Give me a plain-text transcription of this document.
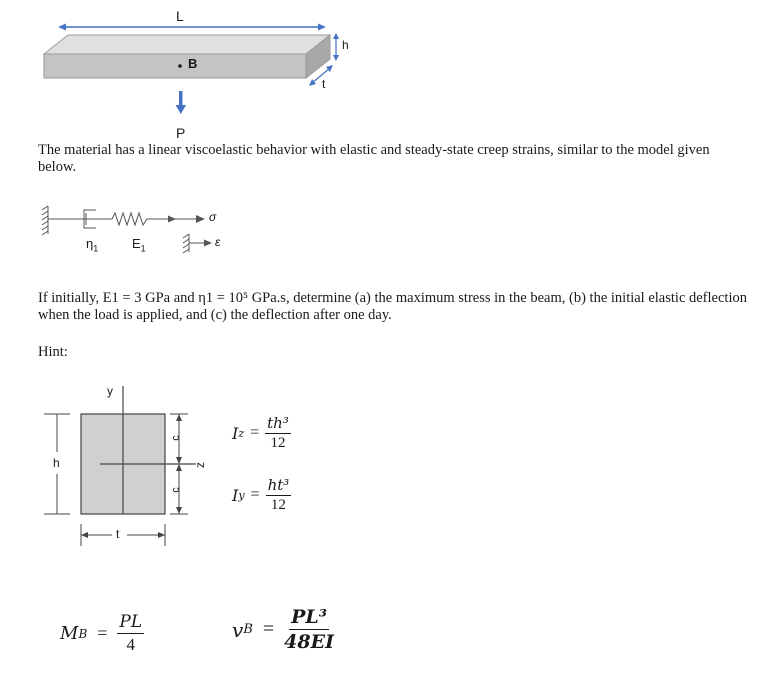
L
B
h
t
P
The material has a linear viscoelastic behavior with elastic and steady-state creep strains, similar to the model given below.
$\eta_1$	$E_1$
σ
ε
If initially, E1 = 3 GPa and η1 = 10⁵ GPa.s, determine (a) the maximum stress in the beam, (b) the initial elastic deflection when the load is applied, and (c) the deflection after one day.
Hint:
y
z
h
t
c
c
I $z = \frac{\text{th³}}{12}$
I $y = \frac{\text{ht³}}{12}$
M $B = \frac{PL}{4}$	v $B = \frac{\text{PL³}}{48EI}$
